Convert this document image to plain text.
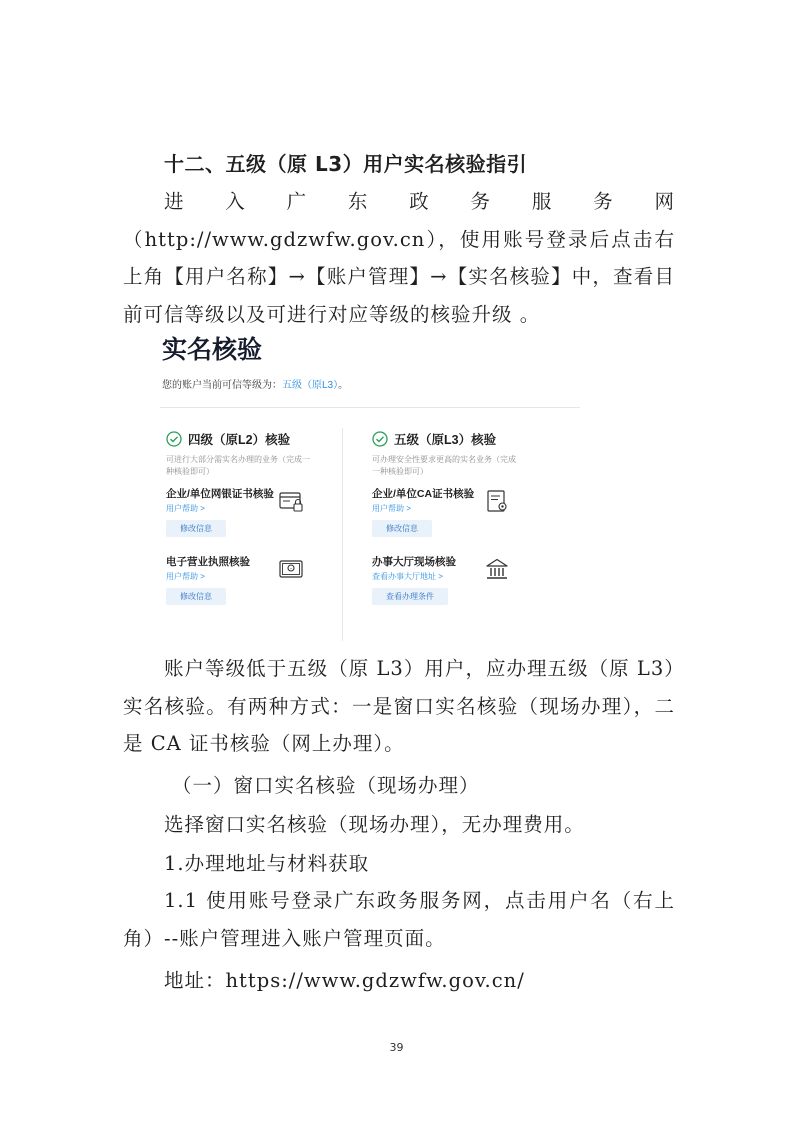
十二、五级（原 L3）用户实名核验指引

进入广东政务服务网（http://www.gdzwfw.gov.cn），使用账号登录后点击右上角【用户名称】→【账户管理】→【实名核验】中，查看目前可信等级以及可进行对应等级的核验升级 。

实名核验
您的账户当前可信等级为：五级（原L3）。
四级（原L2）核验
可进行大部分需实名办理的业务（完成一种核验即可）
企业/单位网银证书核验
用户帮助 >
修改信息
电子营业执照核验
用户帮助 >
修改信息
五级（原L3）核验
可办理安全性要求更高的实名业务（完成一种核验即可）
企业/单位CA证书核验
用户帮助 >
修改信息
办事大厅现场核验
查看办事大厅地址 >
查看办理条件

账户等级低于五级（原 L3）用户，应办理五级（原 L3）实名核验。有两种方式：一是窗口实名核验（现场办理），二是 CA 证书核验（网上办理）。

（一）窗口实名核验（现场办理）
选择窗口实名核验（现场办理），无办理费用。
1.办理地址与材料获取

1.1 使用账号登录广东政务服务网，点击用户名（右上角）--账户管理进入账户管理页面。

地址：https://www.gdzwfw.gov.cn/
39
